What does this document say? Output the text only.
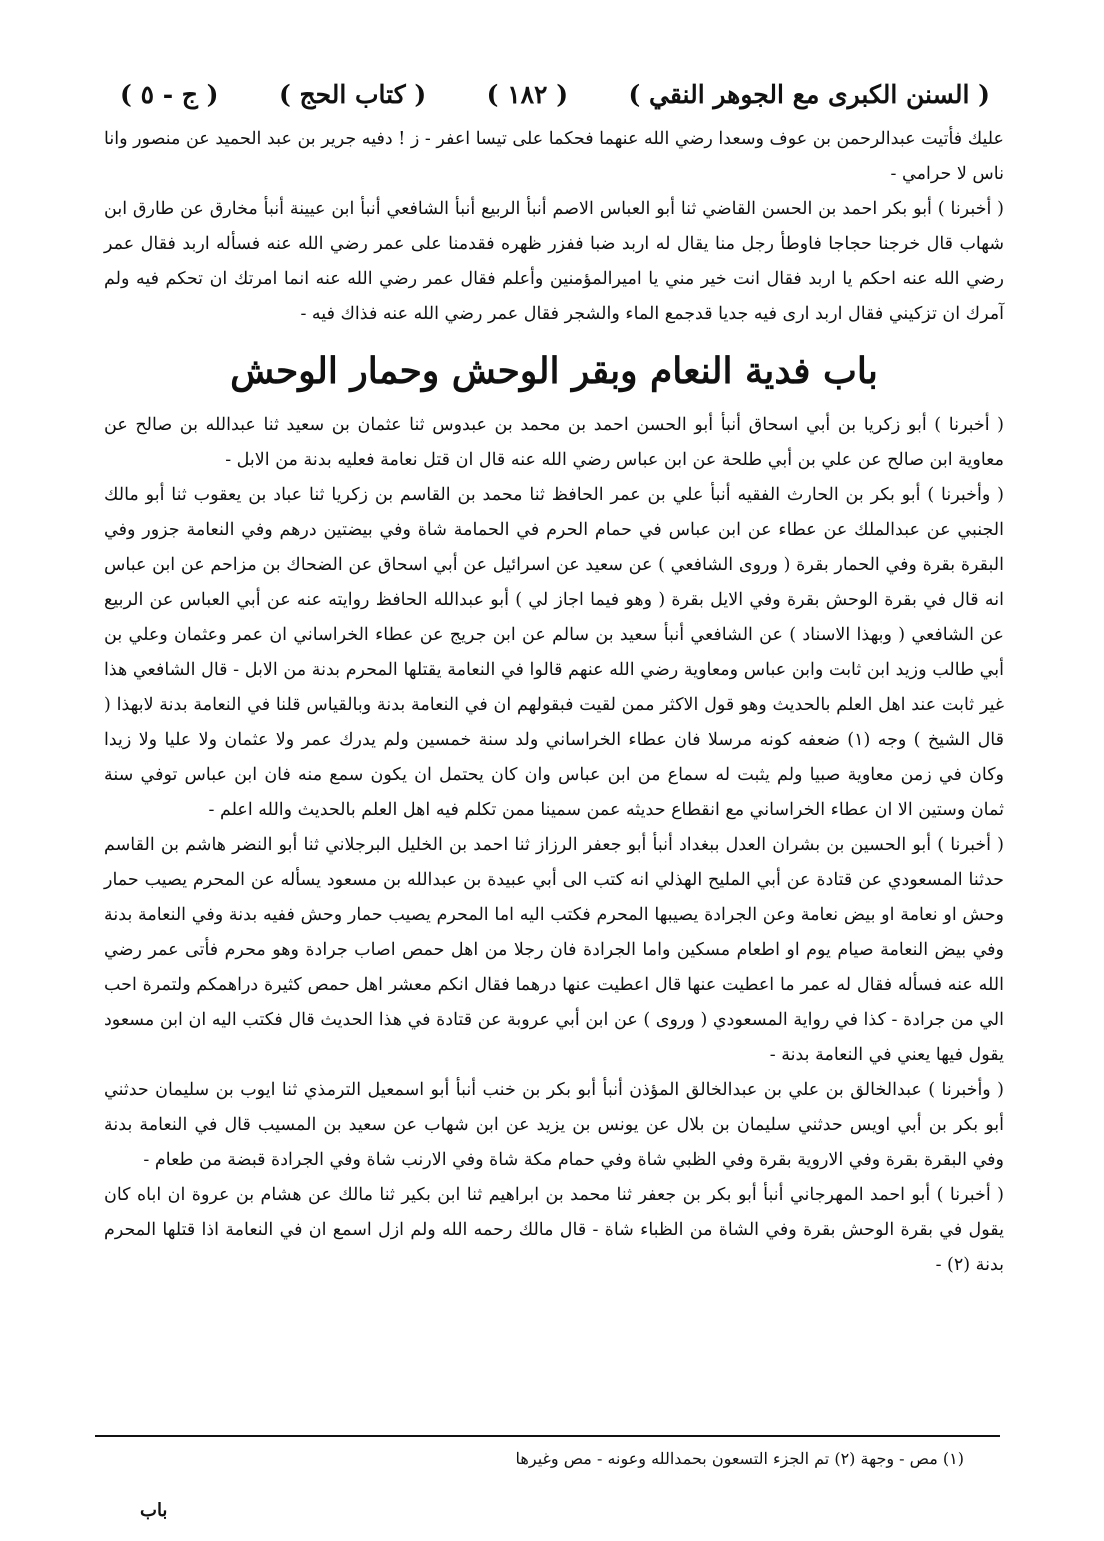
( السنن الكبرى مع الجوهر النقي )
( ١٨٢ )
( كتاب الحج )
( ج - ٥ )

عليك فأتيت عبدالرحمن بن عوف وسعدا رضي الله عنهما فحكما على تيسا اعفر - ز ! دفيه جرير بن عبد الحميد عن منصور وانا ناس لا حرامي -

( أخبرنا ) أبو بكر احمد بن الحسن القاضي ثنا أبو العباس الاصم أنبأ الربيع أنبأ الشافعي أنبأ ابن عيينة أنبأ مخارق عن طارق ابن شهاب قال خرجنا حجاجا فاوطأ رجل منا يقال له اربد ضبا ففزر ظهره فقدمنا على عمر رضي الله عنه فسأله اربد فقال عمر رضي الله عنه احكم يا اربد فقال انت خير مني يا اميرالمؤمنين وأعلم فقال عمر رضي الله عنه انما امرتك ان تحكم فيه ولم آمرك ان تزكيني فقال اربد ارى فيه جديا قدجمع الماء والشجر فقال عمر رضي الله عنه فذاك فيه -

باب فدية النعام وبقر الوحش وحمار الوحش

( أخبرنا ) أبو زكريا بن أبي اسحاق أنبأ أبو الحسن احمد بن محمد بن عبدوس ثنا عثمان بن سعيد ثنا عبدالله بن صالح عن معاوية ابن صالح عن علي بن أبي طلحة عن ابن عباس رضي الله عنه قال ان قتل نعامة فعليه بدنة من الابل -

( وأخبرنا ) أبو بكر بن الحارث الفقيه أنبأ علي بن عمر الحافظ ثنا محمد بن القاسم بن زكريا ثنا عباد بن يعقوب ثنا أبو مالك الجنبي عن عبدالملك عن عطاء عن ابن عباس في حمام الحرم في الحمامة شاة وفي بيضتين درهم وفي النعامة جزور وفي البقرة بقرة وفي الحمار بقرة ( وروى الشافعي ) عن سعيد عن اسرائيل عن أبي اسحاق عن الضحاك بن مزاحم عن ابن عباس انه قال في بقرة الوحش بقرة وفي الايل بقرة ( وهو فيما اجاز لي ) أبو عبدالله الحافظ روايته عنه عن أبي العباس عن الربيع عن الشافعي ( وبهذا الاسناد ) عن الشافعي أنبأ سعيد بن سالم عن ابن جريج عن عطاء الخراساني ان عمر وعثمان وعلي بن أبي طالب وزيد ابن ثابت وابن عباس ومعاوية رضي الله عنهم قالوا في النعامة يقتلها المحرم بدنة من الابل - قال الشافعي هذا غير ثابت عند اهل العلم بالحديث وهو قول الاكثر ممن لقيت فبقولهم ان في النعامة بدنة وبالقياس قلنا في النعامة بدنة لابهذا ( قال الشيخ ) وجه (١) ضعفه كونه مرسلا فان عطاء الخراساني ولد سنة خمسين ولم يدرك عمر ولا عثمان ولا عليا ولا زيدا وكان في زمن معاوية صبيا ولم يثبت له سماع من ابن عباس وان كان يحتمل ان يكون سمع منه فان ابن عباس توفي سنة ثمان وستين الا ان عطاء الخراساني مع انقطاع حديثه عمن سمينا ممن تكلم فيه اهل العلم بالحديث والله اعلم -

( أخبرنا ) أبو الحسين بن بشران العدل ببغداد أنبأ أبو جعفر الرزاز ثنا احمد بن الخليل البرجلاني ثنا أبو النضر هاشم بن القاسم حدثنا المسعودي عن قتادة عن أبي المليح الهذلي انه كتب الى أبي عبيدة بن عبدالله بن مسعود يسأله عن المحرم يصيب حمار وحش او نعامة او بيض نعامة وعن الجرادة يصيبها المحرم فكتب اليه اما المحرم يصيب حمار وحش ففيه بدنة وفي النعامة بدنة وفي بيض النعامة صيام يوم او اطعام مسكين واما الجرادة فان رجلا من اهل حمص اصاب جرادة وهو محرم فأتى عمر رضي الله عنه فسأله فقال له عمر ما اعطيت عنها قال اعطيت عنها درهما فقال انكم معشر اهل حمص كثيرة دراهمكم ولتمرة احب الي من جرادة - كذا في رواية المسعودي ( وروى ) عن ابن أبي عروبة عن قتادة في هذا الحديث قال فكتب اليه ان ابن مسعود يقول فيها يعني في النعامة بدنة -

( وأخبرنا ) عبدالخالق بن علي بن عبدالخالق المؤذن أنبأ أبو بكر بن خنب أنبأ أبو اسمعيل الترمذي ثنا ايوب بن سليمان حدثني أبو بكر بن أبي اويس حدثني سليمان بن بلال عن يونس بن يزيد عن ابن شهاب عن سعيد بن المسيب قال في النعامة بدنة وفي البقرة بقرة وفي الاروية بقرة وفي الظبي شاة وفي حمام مكة شاة وفي الارنب شاة وفي الجرادة قبضة من طعام -

( أخبرنا ) أبو احمد المهرجاني أنبأ أبو بكر بن جعفر ثنا محمد بن ابراهيم ثنا ابن بكير ثنا مالك عن هشام بن عروة ان اباه كان يقول في بقرة الوحش بقرة وفي الشاة من الظباء شاة - قال مالك رحمه الله ولم ازل اسمع ان في النعامة اذا قتلها المحرم بدنة (٢) -

(١) مص - وجهة (٢) تم الجزء التسعون بحمدالله وعونه - مص وغيرها
باب
